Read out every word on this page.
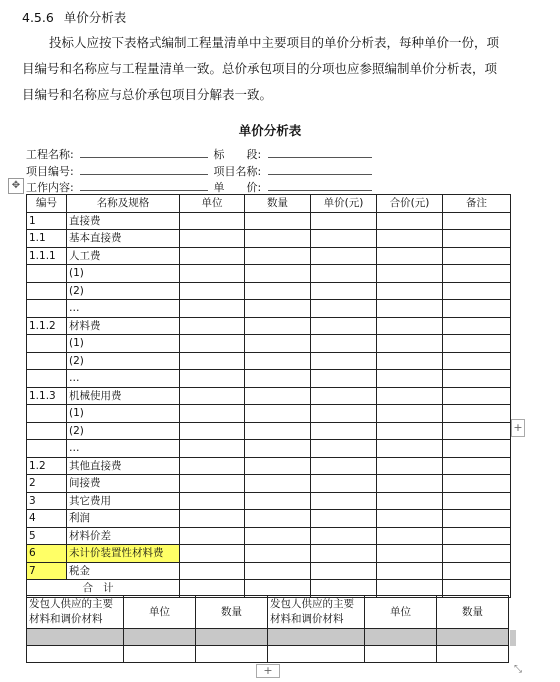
4.5.6 单价分析表

投标人应按下表格式编制工程量清单中主要项目的单价分析表，每种单价一份，项

目编号和名称应与工程量清单一致。总价承包项目的分项也应参照编制单价分析表，项

目编号和名称应与总价承包项目分解表一致。

单价分析表
工程名称:	标　　段:
项目编号:	项目名称:
工作内容:	单　　价:
✥
编号	名称及规格	单位	数量	单价(元)	合价(元)	备注
1	直接费					
1.1	基本直接费					
1.1.1	人工费					
	(1)					
	(2)					
	…					
1.1.2	材料费					
	(1)					
	(2)					
	…					
1.1.3	机械使用费					
	(1)					
	(2)					
	…					
1.2	其他直接费					
2	间接费					
3	其它费用					
4	利润					
5	材料价差					
6	未计价装置性材料费					
7	税金					
合计						
发包人供应的主要材料和调价材料	单位	数量	发包人供应的主要材料和调价材料	单位	数量

+
+	⤡
